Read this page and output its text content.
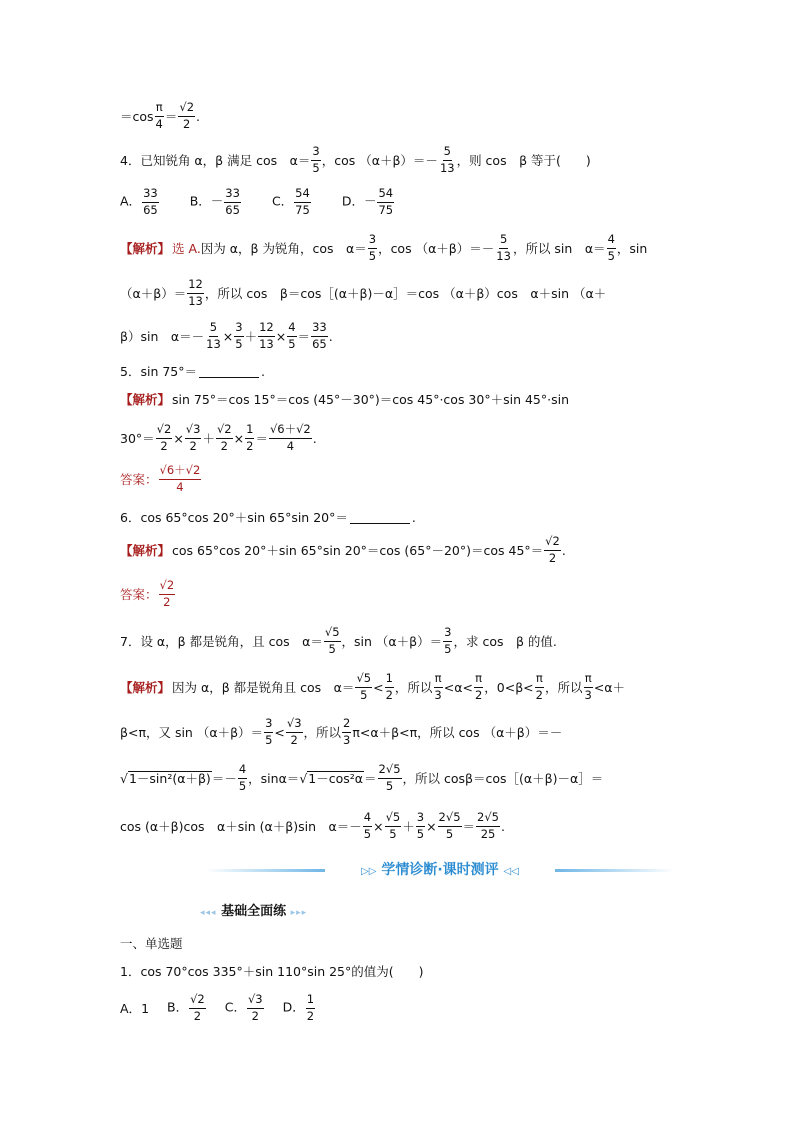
$=\cos \frac{\pi}{4} = \frac{√2}{2}$ .
4．已知锐角 α，β 满足 cos　$\alpha= \frac{3}{5}$ ，$\cos (\alpha+\beta)=- \frac{5}{13}$ ，则 cos　β 等于(　　)
A． $\frac{33}{65}$ B．－ $\frac{33}{65}$ C． $\frac{54}{75}$ D．－ $\frac{54}{75}$
【解析】 选 A. 因为 α，β 为锐角，cos　$\alpha= \frac{3}{5}$ ，$\cos (\alpha+\beta)=- \frac{5}{13}$ ，所以 sin　$\alpha= \frac{4}{5}$ ，sin
$(\alpha+\beta)= \frac{12}{13}$ ，所以 cos　β＝cos［(α＋β)－α］＝cos （α＋β）cos　α＋sin （α＋
β）sin　$\alpha=- \frac{5}{13} \times \frac{3}{5} + \frac{12}{13} \times \frac{4}{5} = \frac{33}{65}$ .
5．sin 75°＝	.
【解析】 sin 75°＝cos 15°＝cos (45°－30°)＝cos 45°·cos 30°＋sin 45°·sin
$30^\circ= \frac{√2}{2} \times \frac{√3}{2} + \frac{√2}{2} \times \frac{1}{2} = \frac{√6+√2}{4}$ .
答案： $\frac{√6+√2}{4}$
6．cos 65°cos 20°＋sin 65°sin 20°＝	.
【解析】 cos 65°cos 20°＋sin 65°sin 20°＝cos (65°－20°)＝cos $45^\circ= \frac{√2}{2}$ .
答案： $\frac{√2}{2}$
7．设 α，β 都是锐角，且 cos　$\alpha= \frac{√5}{5}$ ，$\sin (\alpha+\beta)= \frac{3}{5}$ ，求 cos　β 的值.
【解析】 因为 α，β 都是锐角且 cos　$\alpha= \frac{√5}{5} < \frac{1}{2}$ ，所以 $\frac{\pi}{3} <\alpha< \frac{\pi}{2}$ ，$0<\beta< \frac{\pi}{2}$ ，所以 $\frac{\pi}{3} <\alpha+$
β<π，又 $\sin (\alpha+\beta)= \frac{3}{5} < \frac{√3}{2}$ ，所以 $\frac{2}{3} \pi<\alpha+\beta<\pi$，所以 cos （α＋β）＝－
√ $1-\sin^2(\alpha+\beta) =- \frac{4}{5}$ ，sinα＝ √ $1-\cos^2\alpha = \frac{2√5}{5}$ ，所以 cosβ＝cos［(α＋β)－α］＝
cos (α＋β)cos　α＋sin (α＋β)sin　$\alpha=- \frac{4}{5} \times \frac{√5}{5} + \frac{3}{5} \times \frac{2√5}{5} = \frac{2√5}{25}$ .
▷▷ 学情诊断·课时测评 ◁◁
◂◂◂ 基础全面练 ▸▸▸
一、单选题
1．cos 70°cos 335°＋sin 110°sin 25°的值为(　　)
A．1 B． $\frac{√2}{2}$ C． $\frac{√3}{2}$ D． $\frac{1}{2}$
